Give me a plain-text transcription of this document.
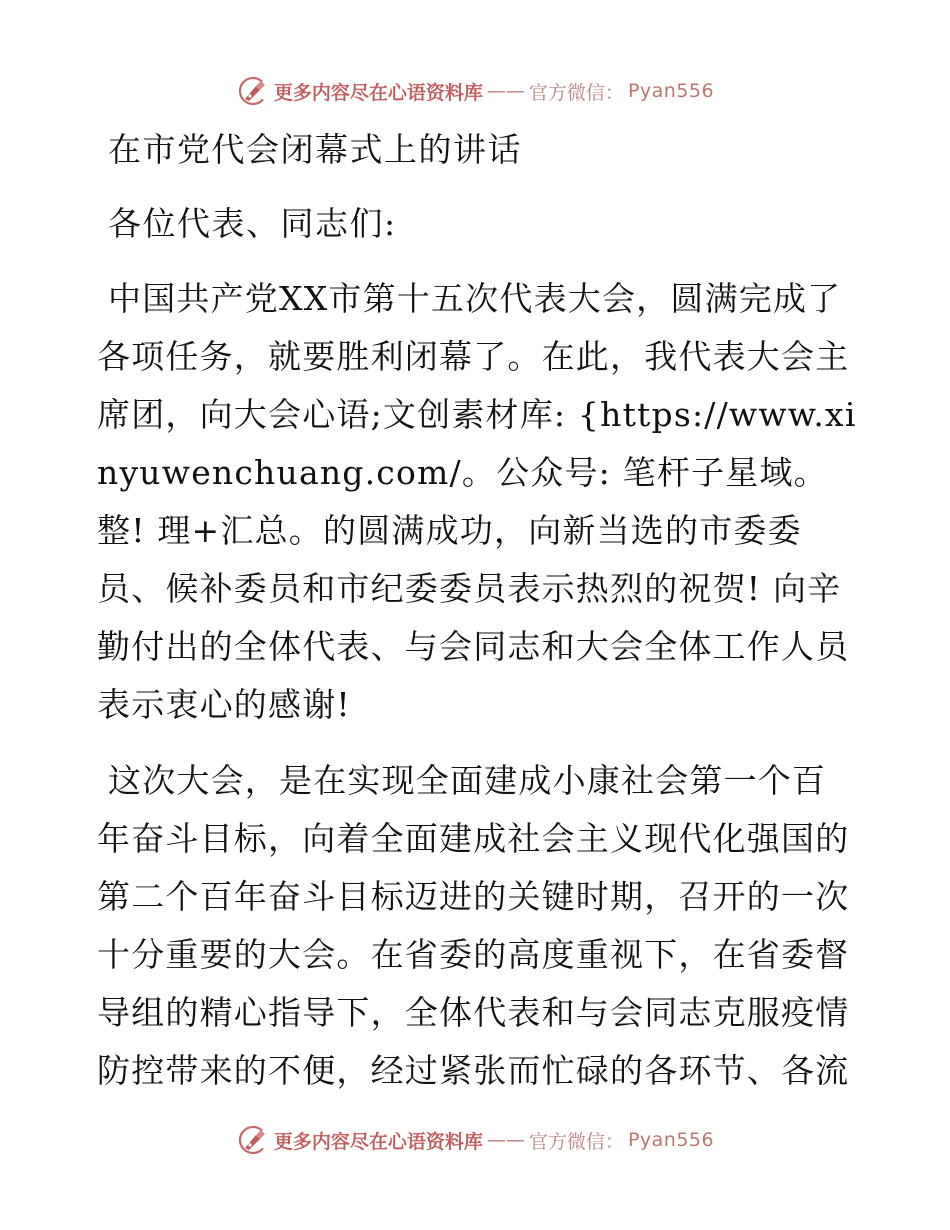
更多内容尽在心语资料库 —— 官方微信： Pyan556
在市党代会闭幕式上的讲话

各位代表、同志们:

中国共产党XX市第十五次代表大会，圆满完成了各项任务，就要胜利闭幕了。在此，我代表大会主席团，向大会心语;文创素材库: {https://www.xinyuwenchuang.com/。公众号: 笔杆子星域。整! 理+汇总。的圆满成功，向新当选的市委委员、候补委员和市纪委委员表示热烈的祝贺! 向辛勤付出的全体代表、与会同志和大会全体工作人员表示衷心的感谢!

这次大会，是在实现全面建成小康社会第一个百年奋斗目标，向着全面建成社会主义现代化强国的第二个百年奋斗目标迈进的关键时期，召开的一次十分重要的大会。在省委的高度重视下，在省委督导组的精心指导下，全体代表和与会同志克服疫情防控带来的不便，经过紧张而忙碌的各环节、各流

更多内容尽在心语资料库 —— 官方微信： Pyan556
